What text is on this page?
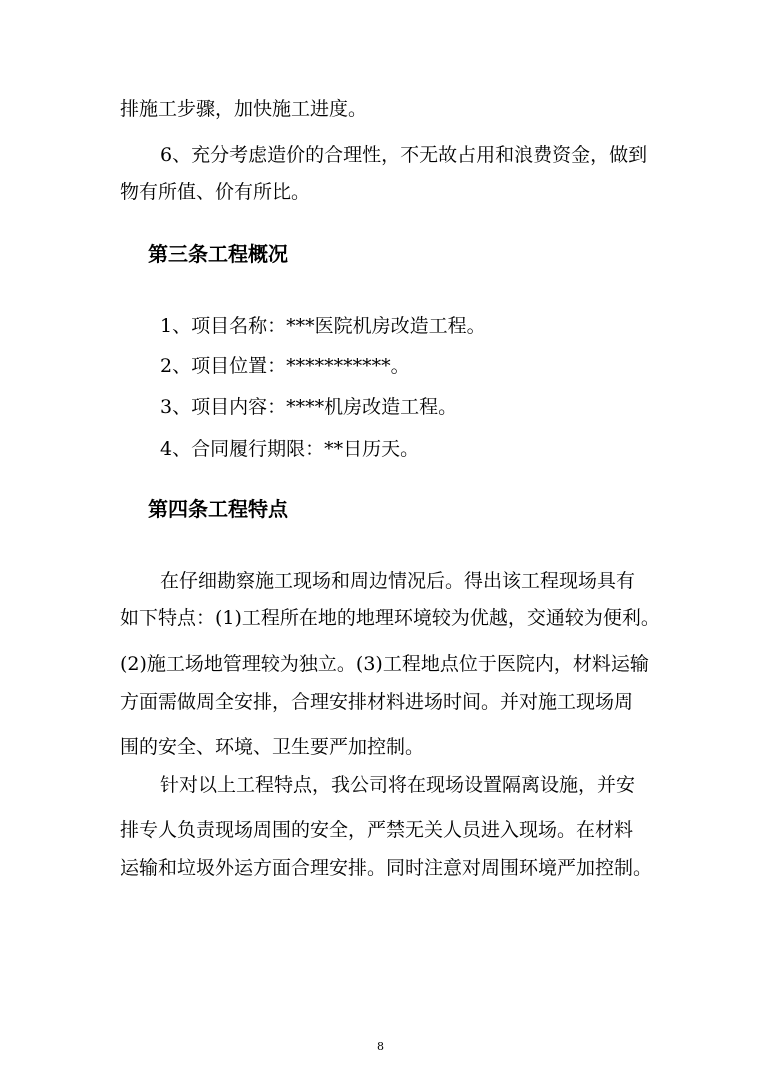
排施工步骤，加快施工进度。
6、充分考虑造价的合理性，不无故占用和浪费资金，做到
物有所值、价有所比。
第三条工程概况
1、项目名称：***医院机房改造工程。
2、项目位置：***********。
3、项目内容：****机房改造工程。
4、合同履行期限：**日历天。
第四条工程特点
在仔细勘察施工现场和周边情况后。得出该工程现场具有
如下特点：(1)工程所在地的地理环境较为优越，交通较为便利。
(2)施工场地管理较为独立。(3)工程地点位于医院内，材料运输
方面需做周全安排，合理安排材料进场时间。并对施工现场周
围的安全、环境、卫生要严加控制。
针对以上工程特点，我公司将在现场设置隔离设施，并安
排专人负责现场周围的安全，严禁无关人员进入现场。在材料
运输和垃圾外运方面合理安排。同时注意对周围环境严加控制。
8
